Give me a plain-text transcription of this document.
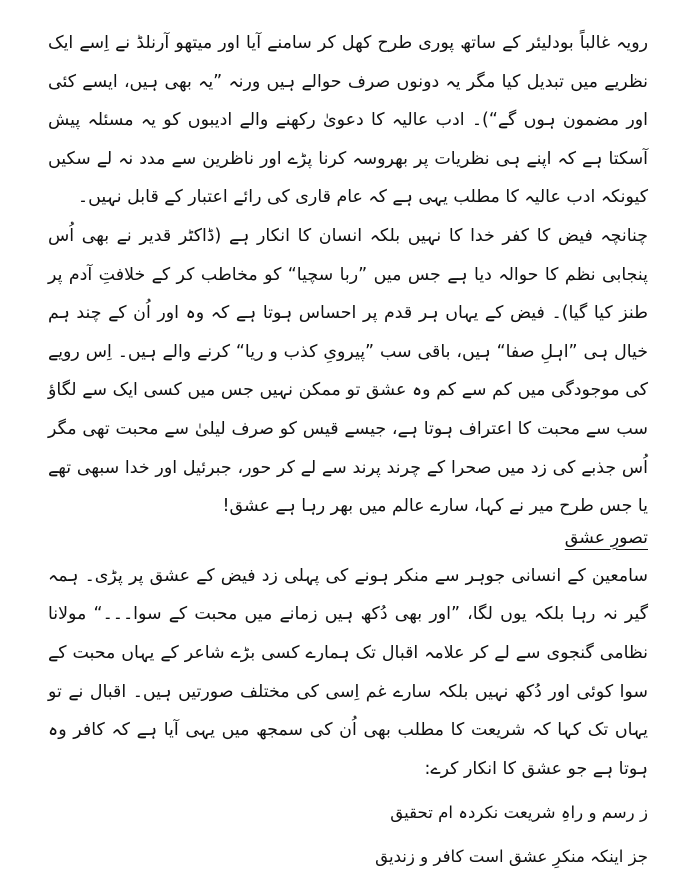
رویہ غالباً بودلیئر کے ساتھ پوری طرح کھل کر سامنے آیا اور میتھو آرنلڈ نے اِسے ایک نظریے میں تبدیل کیا مگر یہ دونوں صرف حوالے ہیں ورنہ ”یہ بھی ہیں، ایسے کئی اور مضمون ہوں گے“)۔ ادب عالیہ کا دعویٰ رکھنے والے ادیبوں کو یہ مسئلہ پیش آسکتا ہے کہ اپنے ہی نظریات پر بھروسہ کرنا پڑے اور ناظرین سے مدد نہ لے سکیں کیونکہ ادب عالیہ کا مطلب یہی ہے کہ عام قاری کی رائے اعتبار کے قابل نہیں۔

چنانچہ فیض کا کفر خدا کا نہیں بلکہ انسان کا انکار ہے (ڈاکٹر قدیر نے بھی اُس پنجابی نظم کا حوالہ دیا ہے جس میں ”ربا سچیا“ کو مخاطب کر کے خلافتِ آدم پر طنز کیا گیا)۔ فیض کے یہاں ہر قدم پر احساس ہوتا ہے کہ وہ اور اُن کے چند ہم خیال ہی ”اہلِ صفا“ ہیں، باقی سب ”پیرویِ کذب و ریا“ کرنے والے ہیں۔ اِس رویے کی موجودگی میں کم سے کم وہ عشق تو ممکن نہیں جس میں کسی ایک سے لگاؤ سب سے محبت کا اعتراف ہوتا ہے، جیسے قیس کو صرف لیلیٰ سے محبت تھی مگر اُس جذبے کی زد میں صحرا کے چرند پرند سے لے کر حور، جبرئیل اور خدا سبھی تھے یا جس طرح میر نے کہا، سارے عالم میں بھر رہا ہے عشق!

تصورِ عشق

سامعین کے انسانی جوہر سے منکر ہونے کی پہلی زد فیض کے عشق پر پڑی۔ ہمہ گیر نہ رہا بلکہ یوں لگا، ”اور بھی دُکھ ہیں زمانے میں محبت کے سوا۔۔۔“ مولانا نظامی گنجوی سے لے کر علامہ اقبال تک ہمارے کسی بڑے شاعر کے یہاں محبت کے سوا کوئی اور دُکھ نہیں بلکہ سارے غم اِسی کی مختلف صورتیں ہیں۔ اقبال نے تو یہاں تک کہا کہ شریعت کا مطلب بھی اُن کی سمجھ میں یہی آیا ہے کہ کافر وہ ہوتا ہے جو عشق کا انکار کرے:

ز رسم و راہِ شریعت نکردہ ام تحقیق

جز اینکہ منکرِ عشق است کافر و زندیق
